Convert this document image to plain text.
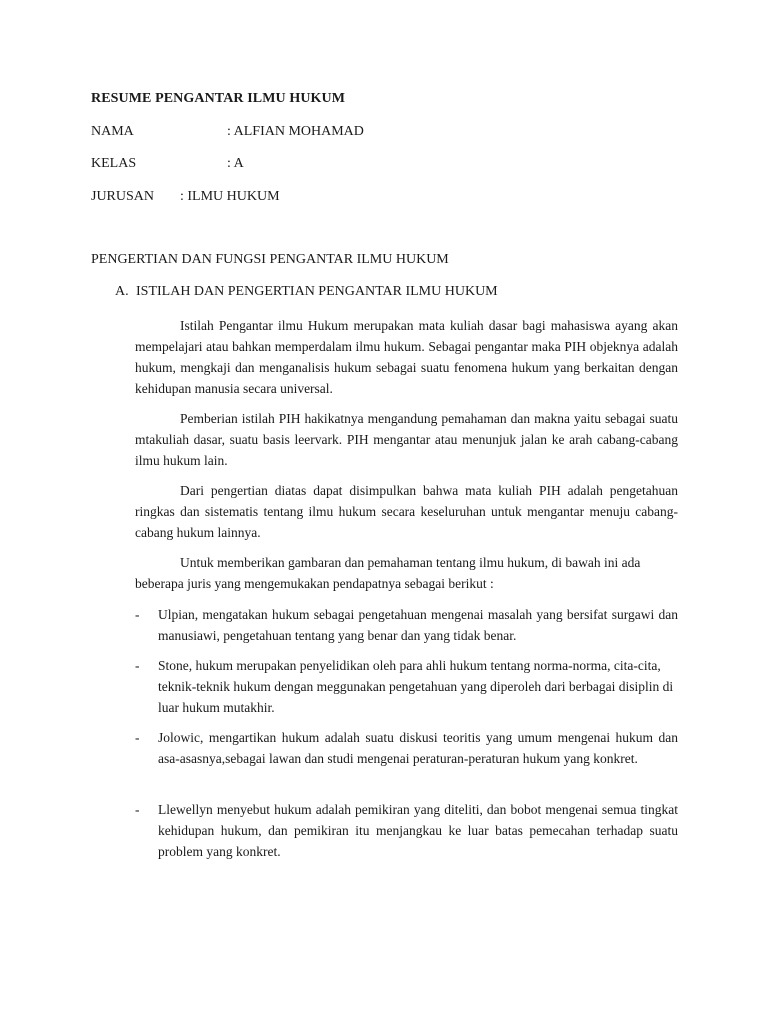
RESUME PENGANTAR ILMU HUKUM
NAMA	: ALFIAN MOHAMAD
KELAS	: A
JURUSAN : ILMU HUKUM
PENGERTIAN DAN FUNGSI PENGANTAR ILMU HUKUM
A. ISTILAH DAN PENGERTIAN PENGANTAR ILMU HUKUM

Istilah Pengantar ilmu Hukum merupakan mata kuliah dasar bagi mahasiswa ayang akan mempelajari atau bahkan memperdalam ilmu hukum. Sebagai pengantar maka PIH objeknya adalah hukum, mengkaji dan menganalisis hukum sebagai suatu fenomena hukum yang berkaitan dengan kehidupan manusia secara universal.

Pemberian istilah PIH hakikatnya mengandung pemahaman dan makna yaitu sebagai suatu mtakuliah dasar, suatu basis leervark. PIH mengantar atau menunjuk jalan ke arah cabang-cabang ilmu hukum lain.

Dari pengertian diatas dapat disimpulkan bahwa mata kuliah PIH adalah pengetahuan ringkas dan sistematis tentang ilmu hukum secara keseluruhan untuk mengantar menuju cabang-cabang hukum lainnya.

Untuk memberikan gambaran dan pemahaman tentang ilmu hukum, di bawah ini ada beberapa juris yang mengemukakan pendapatnya sebagai berikut :

- Ulpian, mengatakan hukum sebagai pengetahuan mengenai masalah yang bersifat surgawi dan manusiawi, pengetahuan tentang yang benar dan yang tidak benar.
- Stone, hukum merupakan penyelidikan oleh para ahli hukum tentang norma-norma, cita-cita, teknik-teknik hukum dengan meggunakan pengetahuan yang diperoleh dari berbagai disiplin di luar hukum mutakhir.
- Jolowic, mengartikan hukum adalah suatu diskusi teoritis yang umum mengenai hukum dan asa-asasnya,sebagai lawan dan studi mengenai peraturan-peraturan hukum yang konkret.
- Llewellyn menyebut hukum adalah pemikiran yang diteliti, dan bobot mengenai semua tingkat kehidupan hukum, dan pemikiran itu menjangkau ke luar batas pemecahan terhadap suatu problem yang konkret.
